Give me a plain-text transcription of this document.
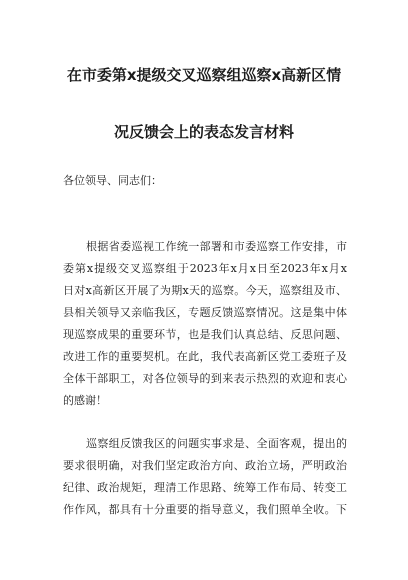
在市委第x提级交叉巡察组巡察x高新区情
况反馈会上的表态发言材料
各位领导、同志们：
根据省委巡视工作统一部署和市委巡察工作安排，市
委第x提级交叉巡察组于2023年x月x日至2023年x月x
日对x高新区开展了为期x天的巡察。今天，巡察组及市、
县相关领导又亲临我区，专题反馈巡察情况。这是集中体
现巡察成果的重要环节，也是我们认真总结、反思问题、
改进工作的重要契机。在此，我代表高新区党工委班子及
全体干部职工，对各位领导的到来表示热烈的欢迎和衷心
的感谢！
巡察组反馈我区的问题实事求是、全面客观，提出的
要求很明确，对我们坚定政治方向、政治立场，严明政治
纪律、政治规矩，理清工作思路、统筹工作布局、转变工
作作风，都具有十分重要的指导意义，我们照单全收。下
